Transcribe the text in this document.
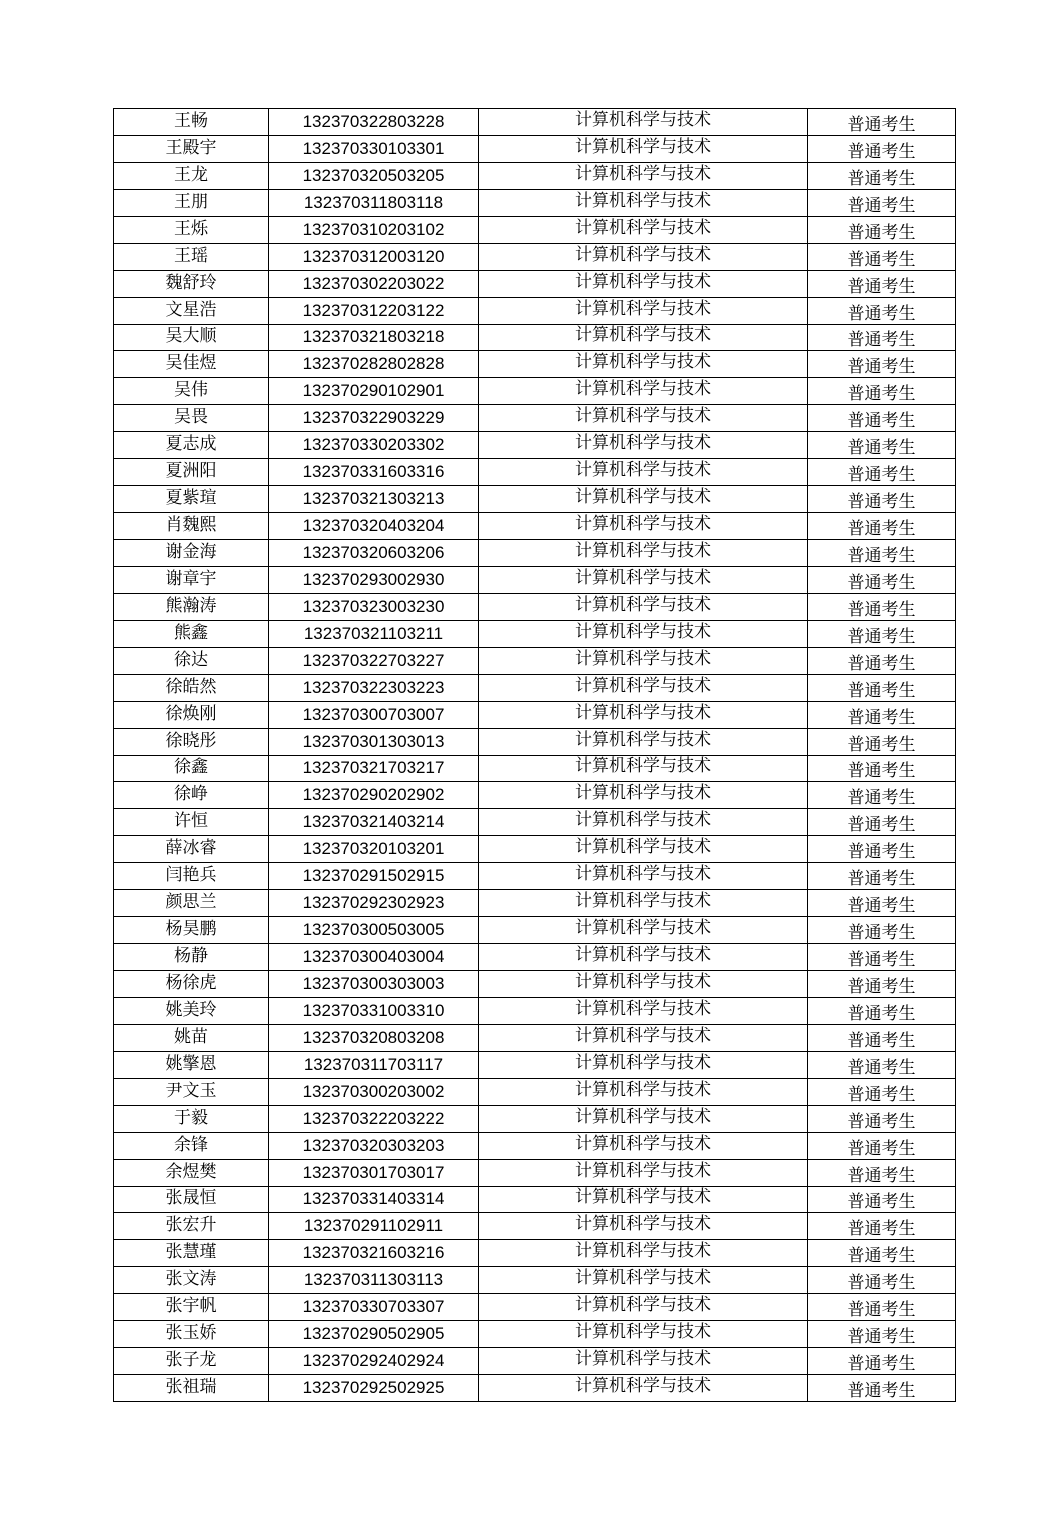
王畅	132370322803228	计算机科学与技术	普通考生
王殿宇	132370330103301	计算机科学与技术	普通考生
王龙	132370320503205	计算机科学与技术	普通考生
王朋	132370311803118	计算机科学与技术	普通考生
王烁	132370310203102	计算机科学与技术	普通考生
王瑶	132370312003120	计算机科学与技术	普通考生
魏舒玲	132370302203022	计算机科学与技术	普通考生
文星浩	132370312203122	计算机科学与技术	普通考生
吴大顺	132370321803218	计算机科学与技术	普通考生
吴佳煜	132370282802828	计算机科学与技术	普通考生
吴伟	132370290102901	计算机科学与技术	普通考生
吴畏	132370322903229	计算机科学与技术	普通考生
夏志成	132370330203302	计算机科学与技术	普通考生
夏洲阳	132370331603316	计算机科学与技术	普通考生
夏紫瑄	132370321303213	计算机科学与技术	普通考生
肖魏熙	132370320403204	计算机科学与技术	普通考生
谢金海	132370320603206	计算机科学与技术	普通考生
谢章宇	132370293002930	计算机科学与技术	普通考生
熊瀚涛	132370323003230	计算机科学与技术	普通考生
熊鑫	132370321103211	计算机科学与技术	普通考生
徐达	132370322703227	计算机科学与技术	普通考生
徐皓然	132370322303223	计算机科学与技术	普通考生
徐焕刚	132370300703007	计算机科学与技术	普通考生
徐晓彤	132370301303013	计算机科学与技术	普通考生
徐鑫	132370321703217	计算机科学与技术	普通考生
徐峥	132370290202902	计算机科学与技术	普通考生
许恒	132370321403214	计算机科学与技术	普通考生
薛冰睿	132370320103201	计算机科学与技术	普通考生
闫艳兵	132370291502915	计算机科学与技术	普通考生
颜思兰	132370292302923	计算机科学与技术	普通考生
杨昊鹏	132370300503005	计算机科学与技术	普通考生
杨静	132370300403004	计算机科学与技术	普通考生
杨徐虎	132370300303003	计算机科学与技术	普通考生
姚美玲	132370331003310	计算机科学与技术	普通考生
姚苗	132370320803208	计算机科学与技术	普通考生
姚擎恩	132370311703117	计算机科学与技术	普通考生
尹文玉	132370300203002	计算机科学与技术	普通考生
于毅	132370322203222	计算机科学与技术	普通考生
余锋	132370320303203	计算机科学与技术	普通考生
余煜樊	132370301703017	计算机科学与技术	普通考生
张晟恒	132370331403314	计算机科学与技术	普通考生
张宏升	132370291102911	计算机科学与技术	普通考生
张慧瑾	132370321603216	计算机科学与技术	普通考生
张文涛	132370311303113	计算机科学与技术	普通考生
张宇帆	132370330703307	计算机科学与技术	普通考生
张玉娇	132370290502905	计算机科学与技术	普通考生
张子龙	132370292402924	计算机科学与技术	普通考生
张祖瑞	132370292502925	计算机科学与技术	普通考生
